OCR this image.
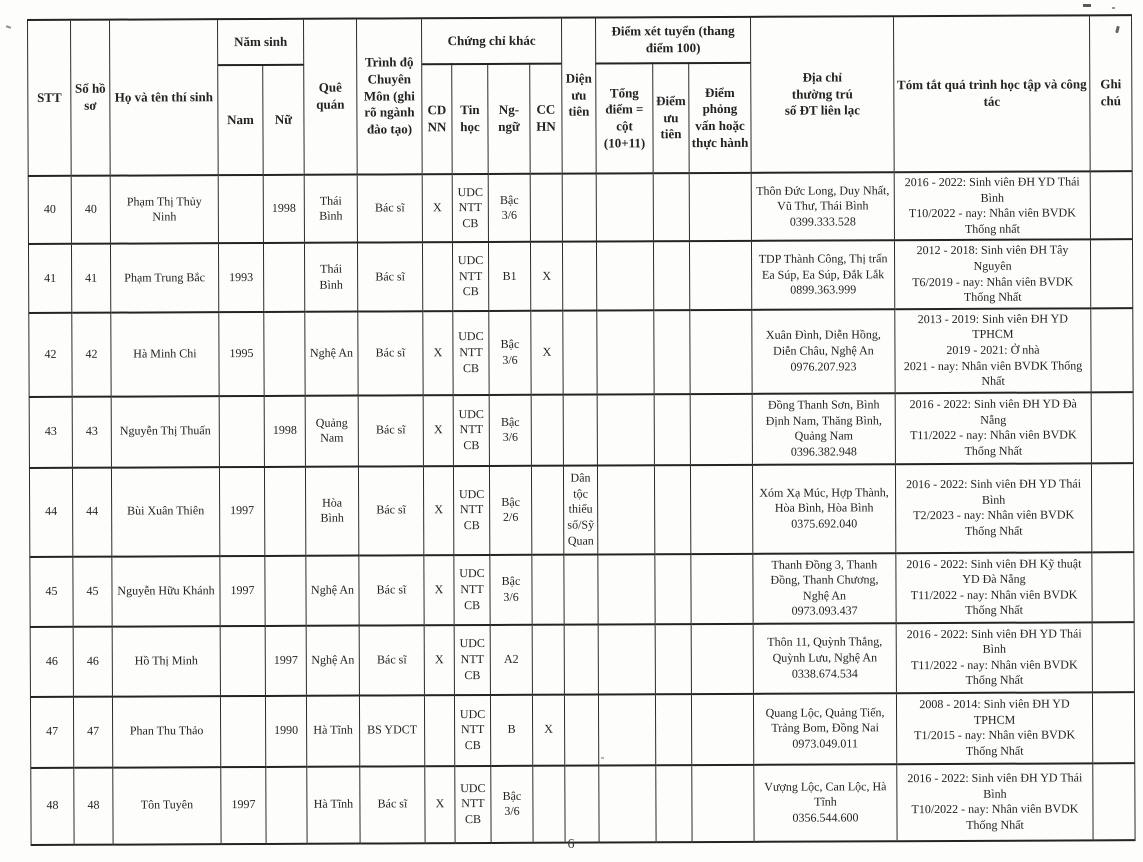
STT	Số hồ sơ	Họ và tên thí sinh	Năm sinh		Quê quán	Trình độ Chuyên Môn (ghi rõ ngành đào tạo)	Chứng chỉ khác				Diện ưu tiên	Điểm xét tuyển (thang điểm 100)			Địa chỉ
thường trú
số ĐT liên lạc	Tóm tắt quá trình học tập và công tác	Ghi chú
			Nam	Nữ			CD NN	Tin học	Ng- ngữ	CC HN		Tổng điểm = cột (10+11)	Điểm ưu tiên	Điểm phỏng vấn hoặc thực hành			
40	40	Phạm Thị Thủy Ninh		1998	Thái Bình	Bác sĩ	X	UDC NTT CB	Bậc 3/6						Thôn Đức Long, Duy Nhất, Vũ Thư, Thái Bình
0399.333.528	2016 - 2022: Sinh viên ĐH YD Thái Bình
T10/2022 - nay: Nhân viên BVDK Thống nhất	
41	41	Phạm Trung Bắc	1993		Thái Bình	Bác sĩ		UDC NTT CB	B1	X					TDP Thành Công, Thị trấn Ea Súp, Ea Súp, Đắk Lắk
0899.363.999	2012 - 2018: Sinh viên ĐH Tây Nguyên
T6/2019 - nay: Nhân viên BVDK Thống Nhất	
42	42	Hà Minh Chi	1995		Nghệ An	Bác sĩ	X	UDC NTT CB	Bậc 3/6	X					Xuân Đình, Diễn Hồng, Diễn Châu, Nghệ An
0976.207.923	2013 - 2019: Sinh viên ĐH YD TPHCM
2019 - 2021: Ở nhà
2021 - nay: Nhân viên BVDK Thống Nhất	
43	43	Nguyễn Thị Thuấn		1998	Quảng Nam	Bác sĩ	X	UDC NTT CB	Bậc 3/6						Đồng Thanh Sơn, Bình Định Nam, Thăng Bình, Quảng Nam
0396.382.948	2016 - 2022: Sinh viên ĐH YD Đà Nẵng
T11/2022 - nay: Nhân viên BVDK Thống Nhất	
44	44	Bùi Xuân Thiên	1997		Hòa Bình	Bác sĩ	X	UDC NTT CB	Bậc 2/6		Dân tộc thiểu số/Sỹ Quan				Xóm Xạ Múc, Hợp Thành, Hòa Bình, Hòa Bình
0375.692.040	2016 - 2022: Sinh viên ĐH YD Thái Bình
T2/2023 - nay: Nhân viên BVDK Thống Nhất	
45	45	Nguyễn Hữu Khánh	1997		Nghệ An	Bác sĩ	X	UDC NTT CB	Bậc 3/6						Thanh Đồng 3, Thanh Đồng, Thanh Chương, Nghệ An
0973.093.437	2016 - 2022: Sinh viên ĐH Kỹ thuật YD Đà Nẵng
T11/2022 - nay: Nhân viên BVDK Thống Nhất	
46	46	Hồ Thị Minh		1997	Nghệ An	Bác sĩ	X	UDC NTT CB	A2						Thôn 11, Quỳnh Thắng, Quỳnh Lưu, Nghệ An
0338.674.534	2016 - 2022: Sinh viên ĐH YD Thái Bình
T11/2022 - nay: Nhân viên BVDK Thống Nhất	
47	47	Phan Thu Thảo		1990	Hà Tĩnh	BS YDCT		UDC NTT CB	B	X					Quang Lộc, Quảng Tiến, Trảng Bom, Đồng Nai
0973.049.011	2008 - 2014: Sinh viên ĐH YD TPHCM
T1/2015 - nay: Nhân viên BVDK Thống Nhất	
48	48	Tôn Tuyên	1997		Hà Tĩnh	Bác sĩ	X	UDC NTT CB	Bậc 3/6						Vượng Lộc, Can Lộc, Hà Tĩnh
0356.544.600	2016 - 2022: Sinh viên ĐH YD Thái Bình
T10/2022 - nay: Nhân viên BVDK Thống Nhất	
6
